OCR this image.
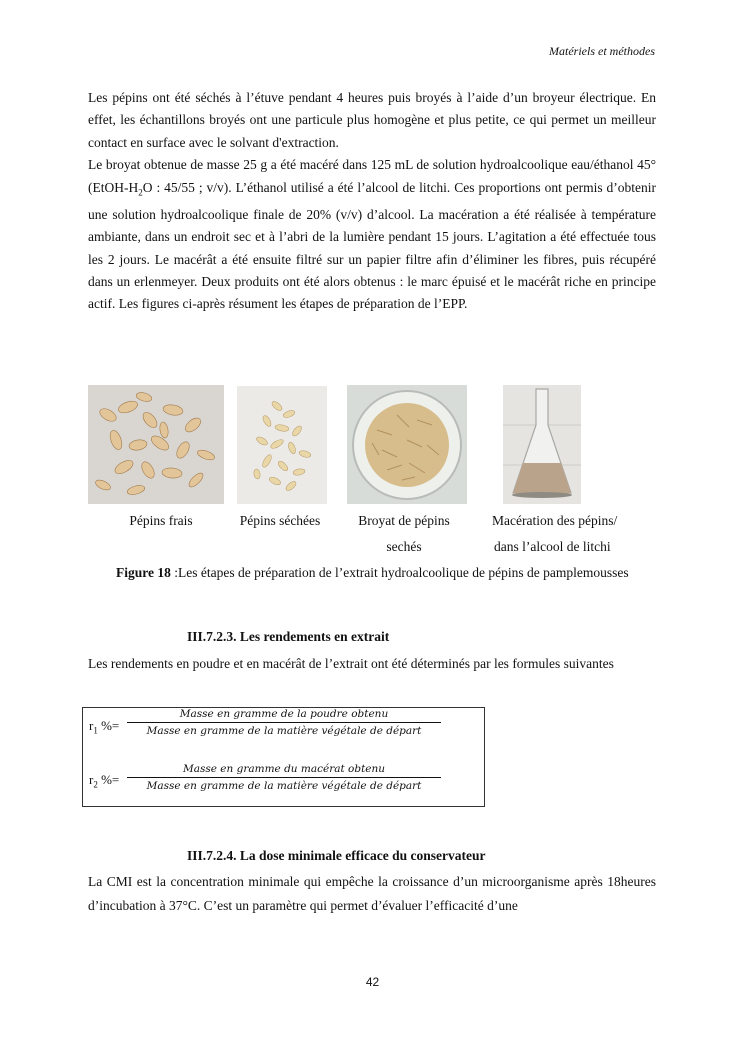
Matériels et méthodes

Les pépins ont été séchés à l’étuve pendant 4 heures puis broyés à l’aide d’un broyeur électrique. En effet, les échantillons broyés ont une particule plus homogène et plus petite, ce qui permet un meilleur contact en surface avec le solvant d'extraction.

Le broyat obtenue de masse 25 g a été macéré dans 125 mL de solution hydroalcoolique eau/éthanol 45° ($EtOH-H_2O$ : 45/55 ; v/v). L’éthanol utilisé a été l’alcool de litchi. Ces proportions ont permis d’obtenir une solution hydroalcoolique finale de 20% (v/v) d’alcool. La macération a été réalisée à température ambiante, dans un endroit sec et à l’abri de la lumière pendant 15 jours. L’agitation a été effectuée tous les 2 jours. Le macérât a été ensuite filtré sur un papier filtre afin d’éliminer les fibres, puis récupéré dans un erlenmeyer. Deux produits ont été alors obtenus : le marc épuisé et le macérât riche en principe actif. Les figures ci-après résument les étapes de préparation de l’EPP.

Pépins frais	Pépins séchées	Broyat de pépins
sechés
Macération des pépins/
dans l’alcool de litchi
Figure 18 :Les étapes de préparation de l’extrait hydroalcoolique de pépins de pamplemousses
III.7.2.3. Les rendements en extrait
Les rendements en poudre et en macérât de l’extrait ont été déterminés par les formules suivantes
$r_1$ %=
Masse en gramme de la poudre obtenu
Masse en gramme de la matière végétale de départ
$r_2$ %=
Masse en gramme du macérat obtenu
Masse en gramme de la matière végétale de départ
III.7.2.4. La dose minimale efficace du conservateur
La CMI est la concentration minimale qui empêche la croissance d’un microorganisme après 18heures d’incubation à 37°C. C’est un paramètre qui permet d’évaluer l’efficacité d’une
42
